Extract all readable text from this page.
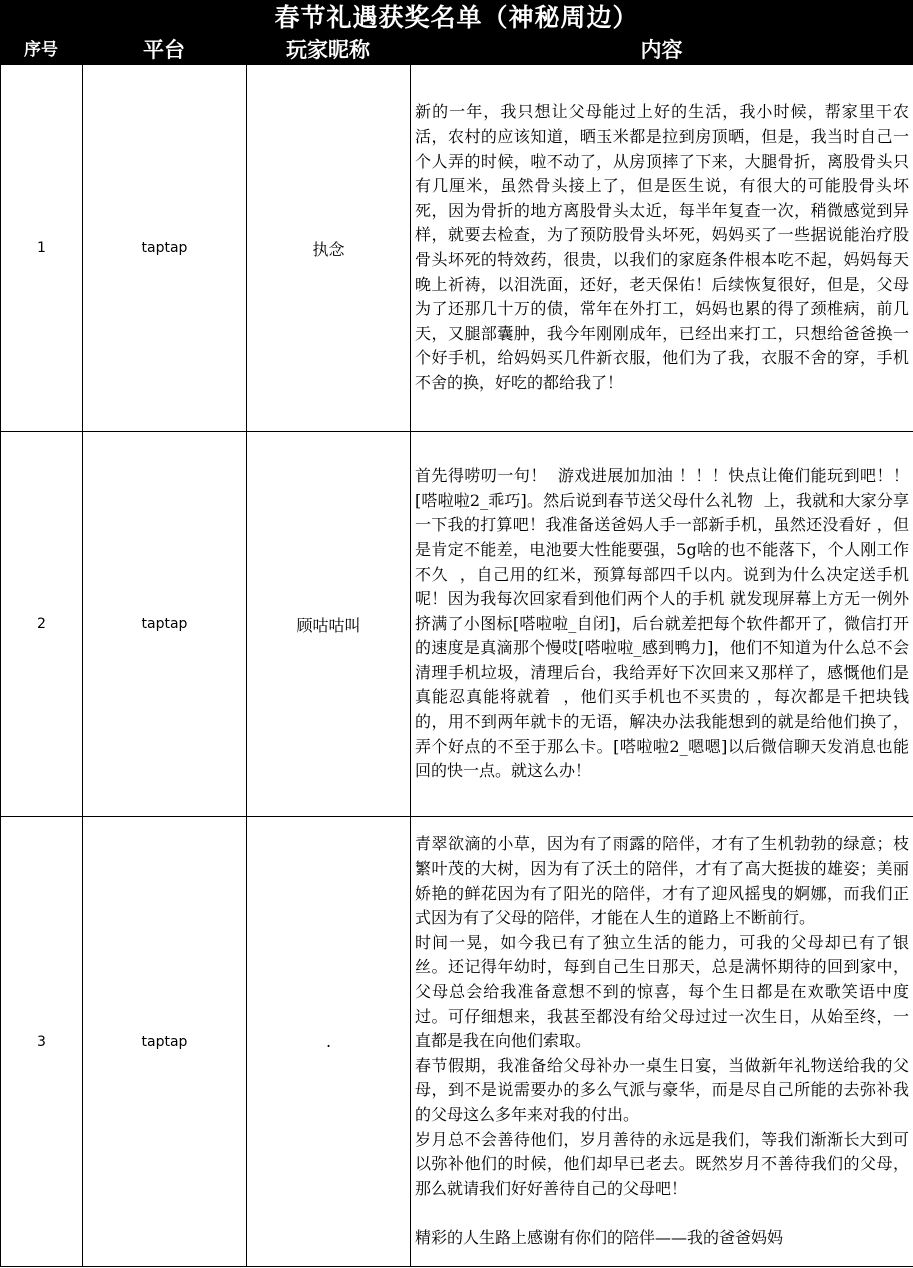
春节礼遇获奖名单（神秘周边）
序号	平台	玩家昵称	内容
1	taptap	执念	新的一年，我只想让父母能过上好的生活，我小时候，帮家里干农活，农村的应该知道，晒玉米都是拉到房顶晒，但是，我当时自己一个人弄的时候，啦不动了，从房顶摔了下来，大腿骨折，离股骨头只有几厘米，虽然骨头接上了，但是医生说，有很大的可能股骨头坏死，因为骨折的地方离股骨头太近，每半年复查一次，稍微感觉到异样，就要去检查，为了预防股骨头坏死，妈妈买了一些据说能治疗股骨头坏死的特效药，很贵，以我们的家庭条件根本吃不起，妈妈每天晚上祈祷，以泪洗面，还好，老天保佑！后续恢复很好，但是，父母为了还那几十万的债，常年在外打工，妈妈也累的得了颈椎病，前几天，又腿部囊肿，我今年刚刚成年，已经出来打工，只想给爸爸换一个好手机，给妈妈买几件新衣服，他们为了我，衣服不舍的穿，手机不舍的换，好吃的都给我了！

2	taptap	顾咕咕叫	首先得唠叨一句！  游戏进展加加油 ！！！快点让俺们能玩到吧！！[嗒啦啦2_乖巧]。然后说到春节送父母什么礼物  上，我就和大家分享一下我的打算吧！我准备送爸妈人手一部新手机，虽然还没看好 ，但是肯定不能差，电池要大性能要强，5g啥的也不能落下，个人刚工作不久  ，自己用的红米，预算每部四千以内。说到为什么决定送手机呢！因为我每次回家看到他们两个人的手机 就发现屏幕上方无一例外挤满了小图标[嗒啦啦_自闭]，后台就差把每个软件都开了，微信打开的速度是真滴那个慢哎[嗒啦啦_感到鸭力]，他们不知道为什么总不会清理手机垃圾，清理后台，我给弄好下次回来又那样了，感慨他们是真能忍真能将就着  ，他们买手机也不买贵的 ，每次都是千把块钱的，用不到两年就卡的无语，解决办法我能想到的就是给他们换了，弄个好点的不至于那么卡。[嗒啦啦2_嗯嗯]以后微信聊天发消息也能回的快一点。就这么办！

3	taptap	.	青翠欲滴的小草，因为有了雨露的陪伴，才有了生机勃勃的绿意；枝繁叶茂的大树，因为有了沃土的陪伴，才有了高大挺拔的雄姿；美丽娇艳的鲜花因为有了阳光的陪伴，才有了迎风摇曳的婀娜，而我们正式因为有了父母的陪伴，才能在人生的道路上不断前行。

时间一晃，如今我已有了独立生活的能力，可我的父母却已有了银丝。还记得年幼时，每到自己生日那天，总是满怀期待的回到家中，父母总会给我准备意想不到的惊喜，每个生日都是在欢歌笑语中度过。可仔细想来，我甚至都没有给父母过过一次生日，从始至终，一直都是我在向他们索取。

春节假期，我准备给父母补办一桌生日宴，当做新年礼物送给我的父母，到不是说需要办的多么气派与豪华，而是尽自己所能的去弥补我的父母这么多年来对我的付出。

岁月总不会善待他们，岁月善待的永远是我们，等我们渐渐长大到可以弥补他们的时候，他们却早已老去。既然岁月不善待我们的父母，那么就请我们好好善待自己的父母吧！

精彩的人生路上感谢有你们的陪伴——我的爸爸妈妈
